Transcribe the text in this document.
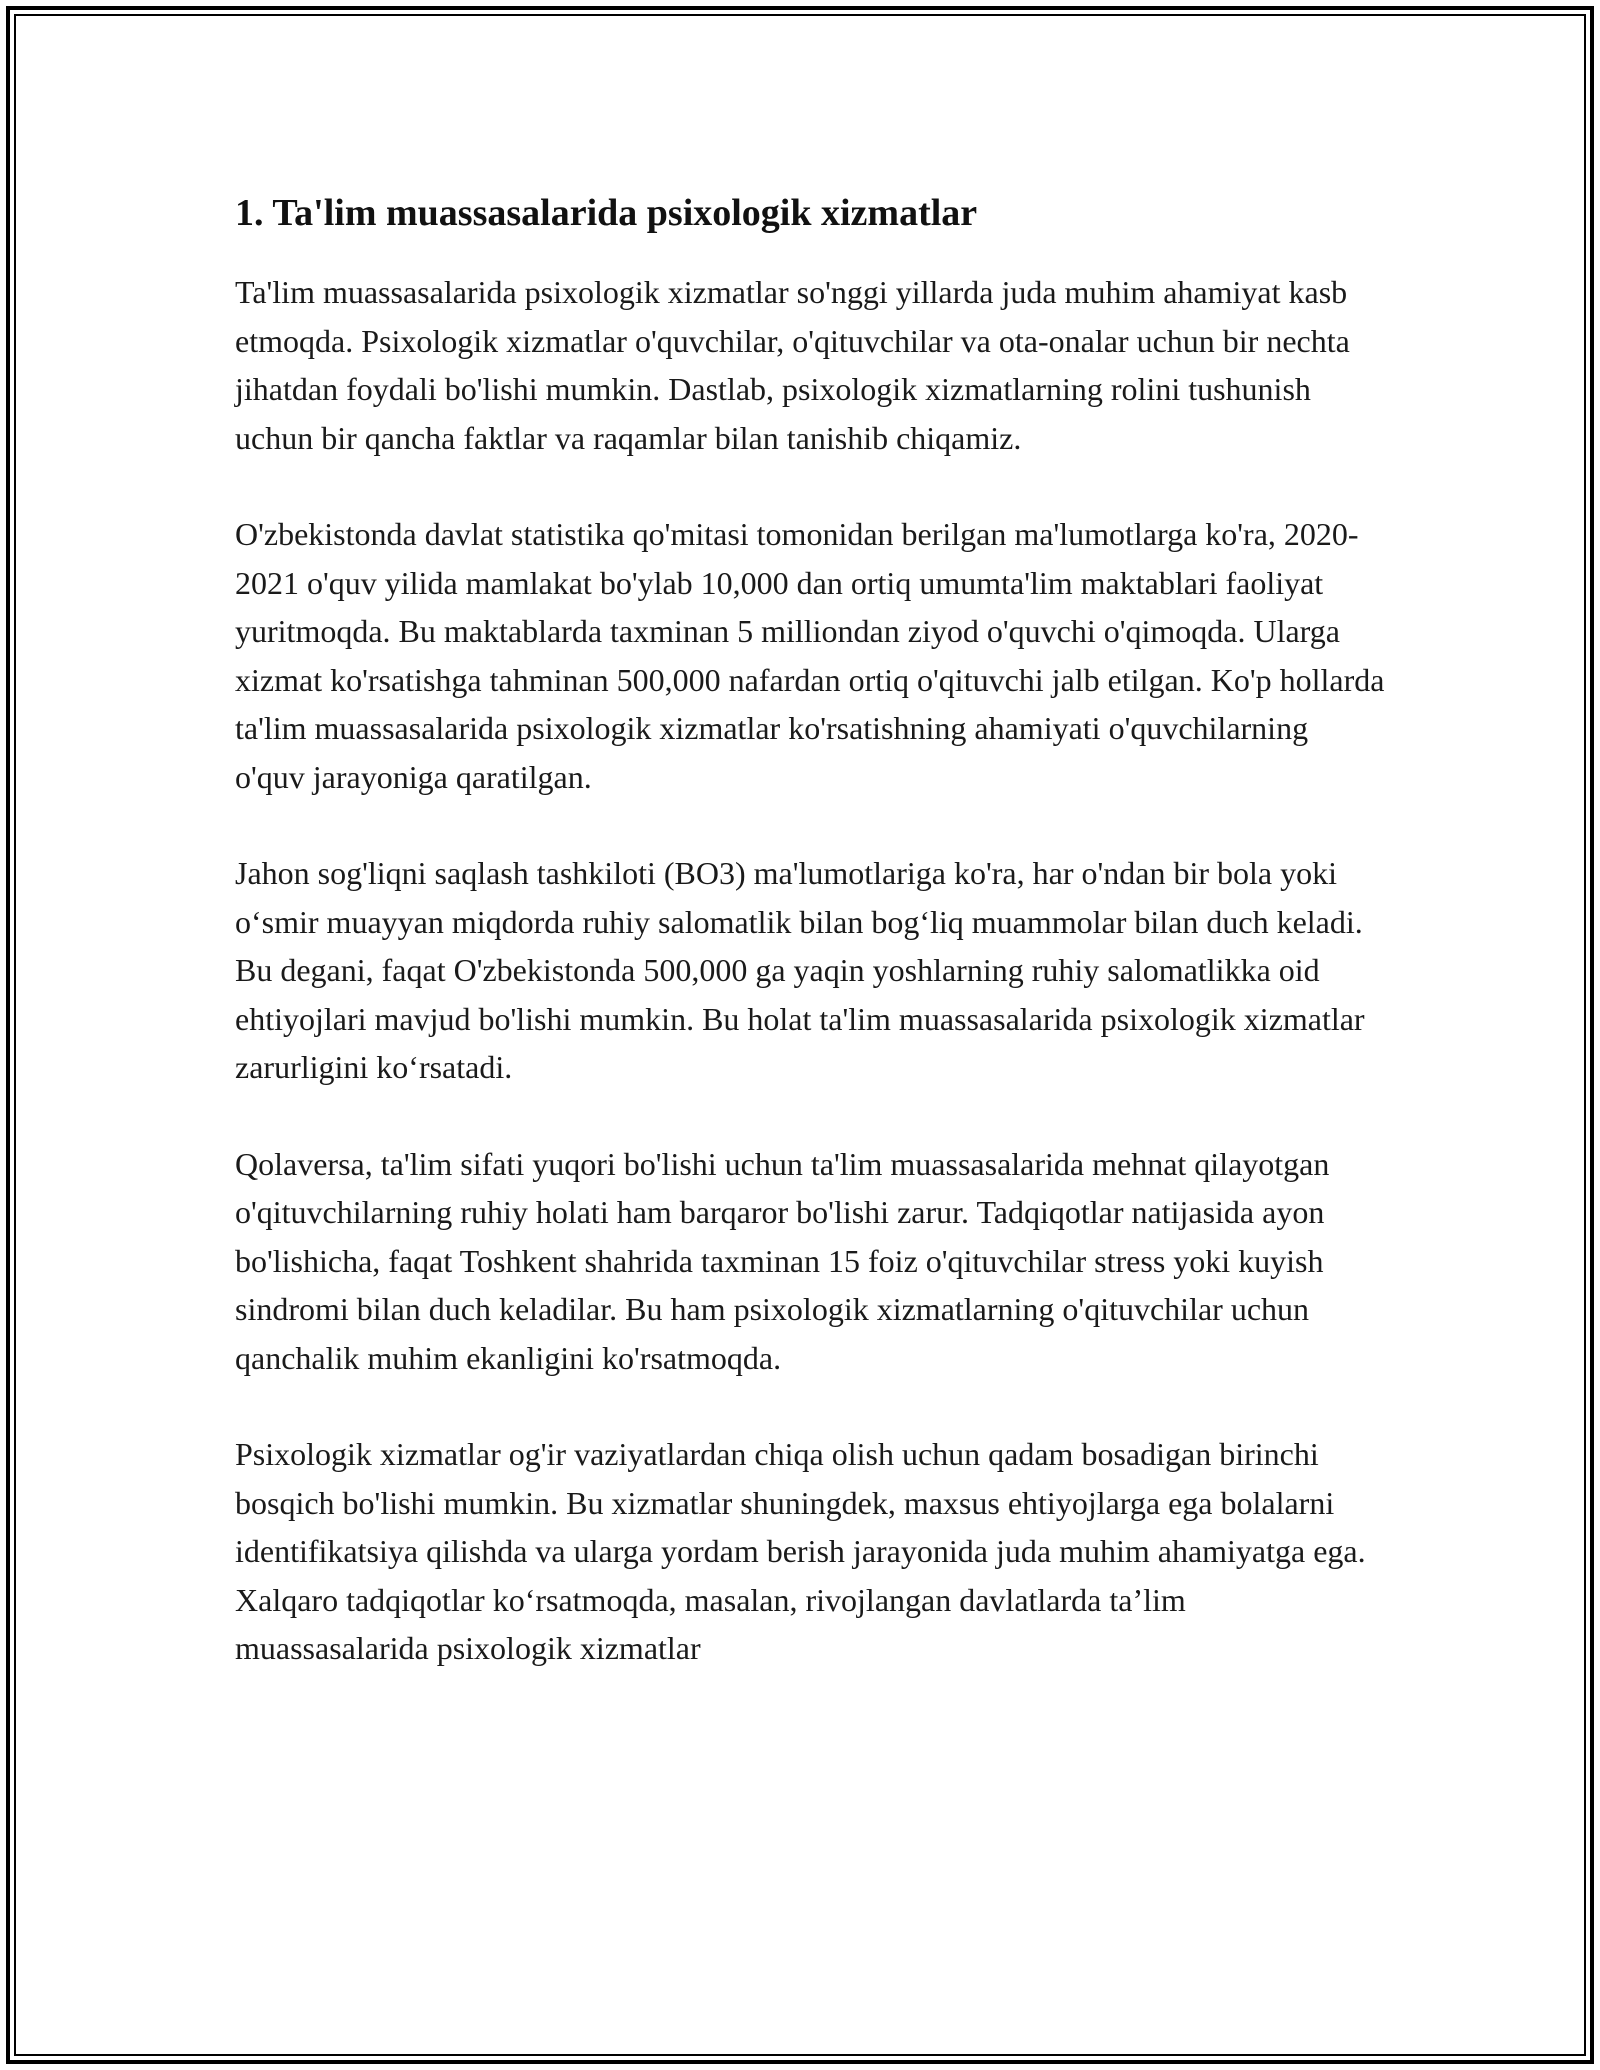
1. Ta'lim muassasalarida psixologik xizmatlar

Ta'lim muassasalarida psixologik xizmatlar so'nggi yillarda juda muhim ahamiyat kasb etmoqda. Psixologik xizmatlar o'quvchilar, o'qituvchilar va ota-onalar uchun bir nechta jihatdan foydali bo'lishi mumkin. Dastlab, psixologik xizmatlarning rolini tushunish uchun bir qancha faktlar va raqamlar bilan tanishib chiqamiz.

O'zbekistonda davlat statistika qo'mitasi tomonidan berilgan ma'lumotlarga ko'ra, 2020-2021 o'quv yilida mamlakat bo'ylab 10,000 dan ortiq umumta'lim maktablari faoliyat yuritmoqda. Bu maktablarda taxminan 5 milliondan ziyod o'quvchi o'qimoqda. Ularga xizmat ko'rsatishga tahminan 500,000 nafardan ortiq o'qituvchi jalb etilgan. Ko'p hollarda ta'lim muassasalarida psixologik xizmatlar ko'rsatishning ahamiyati o'quvchilarning o'quv jarayoniga qaratilgan.

Jahon sog'liqni saqlash tashkiloti (BO3) ma'lumotlariga ko'ra, har o'ndan bir bola yoki o‘smir muayyan miqdorda ruhiy salomatlik bilan bog‘liq muammolar bilan duch keladi. Bu degani, faqat O'zbekistonda 500,000 ga yaqin yoshlarning ruhiy salomatlikka oid ehtiyojlari mavjud bo'lishi mumkin. Bu holat ta'lim muassasalarida psixologik xizmatlar zarurligini ko‘rsatadi.

Qolaversa, ta'lim sifati yuqori bo'lishi uchun ta'lim muassasalarida mehnat qilayotgan o'qituvchilarning ruhiy holati ham barqaror bo'lishi zarur. Tadqiqotlar natijasida ayon bo'lishicha, faqat Toshkent shahrida taxminan 15 foiz o'qituvchilar stress yoki kuyish sindromi bilan duch keladilar. Bu ham psixologik xizmatlarning o'qituvchilar uchun qanchalik muhim ekanligini ko'rsatmoqda.

Psixologik xizmatlar og'ir vaziyatlardan chiqa olish uchun qadam bosadigan birinchi bosqich bo'lishi mumkin. Bu xizmatlar shuningdek, maxsus ehtiyojlarga ega bolalarni identifikatsiya qilishda va ularga yordam berish jarayonida juda muhim ahamiyatga ega. Xalqaro tadqiqotlar ko‘rsatmoqda, masalan, rivojlangan davlatlarda ta’lim muassasalarida psixologik xizmatlar
